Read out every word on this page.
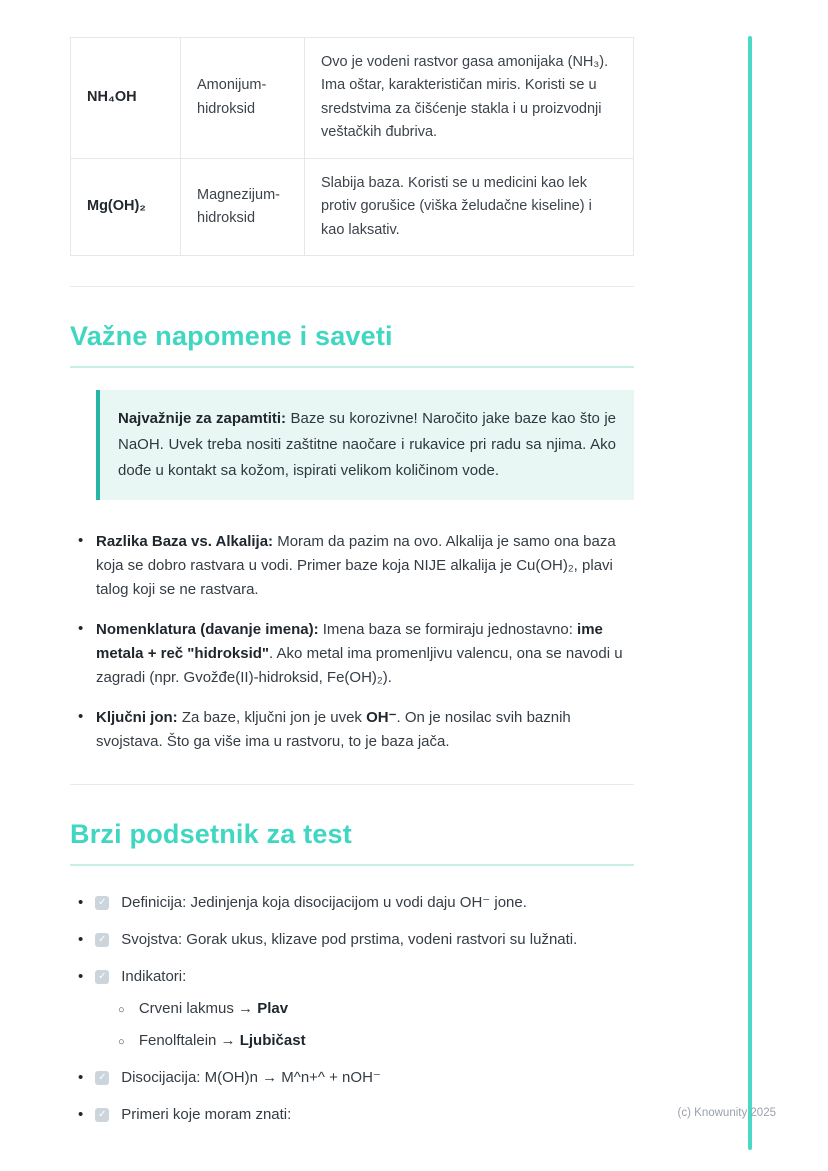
NH₄OH	Amonijum-hidroksid	Ovo je vodeni rastvor gasa amonijaka (NH₃). Ima oštar, karakterističan miris. Koristi se u sredstvima za čišćenje stakla i u proizvodnji veštačkih đubriva.
Mg(OH)₂	Magnezijum-hidroksid	Slabija baza. Koristi se u medicini kao lek protiv gorušice (viška želudačne kiseline) i kao laksativ.
Važne napomene i saveti
Najvažnije za zapamtiti: Baze su korozivne! Naročito jake baze kao što je NaOH. Uvek treba nositi zaštitne naočare i rukavice pri radu sa njima. Ako dođe u kontakt sa kožom, ispirati velikom količinom vode.
• Razlika Baza vs. Alkalija: Moram da pazim na ovo. Alkalija je samo ona baza koja se dobro rastvara u vodi. Primer baze koja NIJE alkalija je Cu(OH)₂, plavi talog koji se ne rastvara.
• Nomenklatura (davanje imena): Imena baza se formiraju jednostavno: ime metala + reč "hidroksid". Ako metal ima promenljivu valencu, ona se navodi u zagradi (npr. Gvožđe(II)-hidroksid, Fe(OH)₂).
• Ključni jon: Za baze, ključni jon je uvek OH⁻. On je nosilac svih baznih svojstava. Što ga više ima u rastvoru, to je baza jača.
Brzi podsetnik za test
• ✓ Definicija: Jedinjenja koja disocijacijom u vodi daju OH⁻ jone.
• ✓ Svojstva: Gorak ukus, klizave pod prstima, vodeni rastvori su lužnati.
• ✓ Indikatori:
○ Crveni lakmus → Plav
○ Fenolftalein → Ljubičast
• ✓ Disocijacija: M(OH)n → M^n+^ + nOH⁻
• ✓ Primeri koje moram znati:	(c) Knowunity 2025
